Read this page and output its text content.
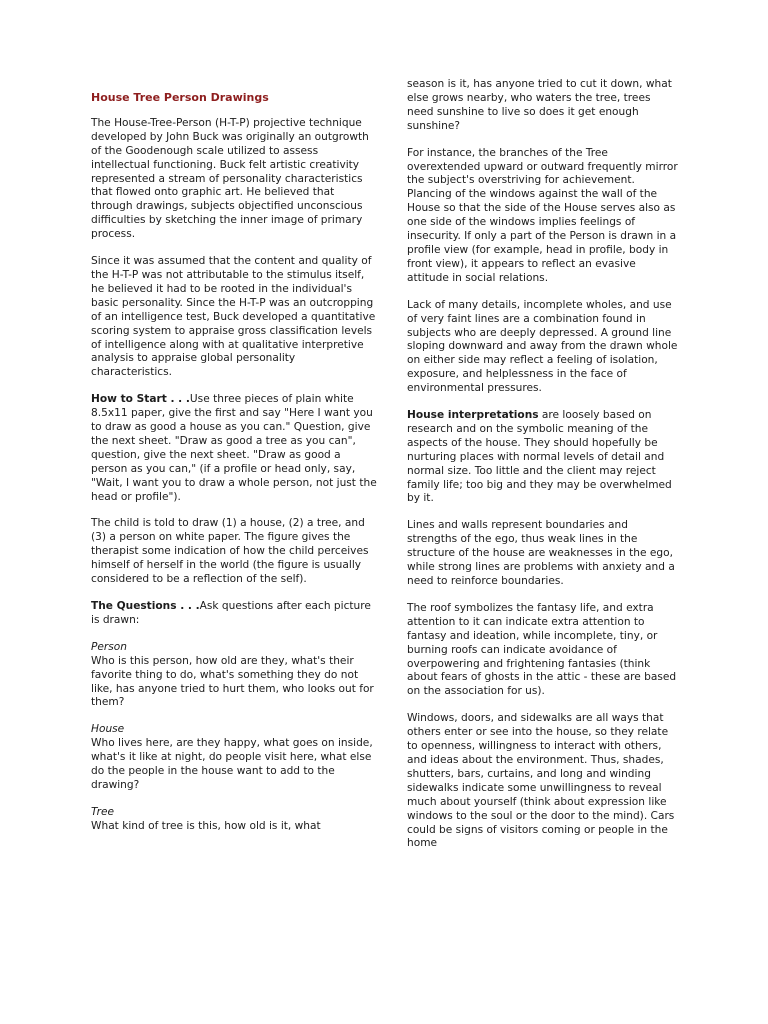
House Tree Person Drawings

The House-Tree-Person (H-T-P) projective technique developed by John Buck was originally an outgrowth of the Goodenough scale utilized to assess intellectual functioning. Buck felt artistic creativity represented a stream of personality characteristics that flowed onto graphic art. He believed that through drawings, subjects objectified unconscious difficulties by sketching the inner image of primary process.

Since it was assumed that the content and quality of the H-T-P was not attributable to the stimulus itself, he believed it had to be rooted in the individual's basic personality. Since the H-T-P was an outcropping of an intelligence test, Buck developed a quantitative scoring system to appraise gross classification levels of intelligence along with at qualitative interpretive analysis to appraise global personality characteristics.

How to Start . . .Use three pieces of plain white 8.5x11 paper, give the first and say "Here I want you to draw as good a house as you can." Question, give the next sheet. "Draw as good a tree as you can", question, give the next sheet. "Draw as good a person as you can," (if a profile or head only, say, "Wait, I want you to draw a whole person, not just the head or profile").

The child is told to draw (1) a house, (2) a tree, and (3) a person on white paper. The figure gives the therapist some indication of how the child perceives himself of herself in the world (the figure is usually considered to be a reflection of the self).

The Questions . . .Ask questions after each picture is drawn:

Person
Who is this person, how old are they, what's their favorite thing to do, what's something they do not like, has anyone tried to hurt them, who looks out for them?
House
Who lives here, are they happy, what goes on inside, what's it like at night, do people visit here, what else do the people in the house want to add to the drawing?
Tree
What kind of tree is this, how old is it, what

season is it, has anyone tried to cut it down, what else grows nearby, who waters the tree, trees need sunshine to live so does it get enough sunshine?

For instance, the branches of the Tree overextended upward or outward frequently mirror the subject's overstriving for achievement. Plancing of the windows against the wall of the House so that the side of the House serves also as one side of the windows implies feelings of insecurity. If only a part of the Person is drawn in a profile view (for example, head in profile, body in front view), it appears to reflect an evasive attitude in social relations.

Lack of many details, incomplete wholes, and use of very faint lines are a combination found in subjects who are deeply depressed. A ground line sloping downward and away from the drawn whole on either side may reflect a feeling of isolation, exposure, and helplessness in the face of environmental pressures.

House interpretations are loosely based on research and on the symbolic meaning of the aspects of the house. They should hopefully be nurturing places with normal levels of detail and normal size. Too little and the client may reject family life; too big and they may be overwhelmed by it.

Lines and walls represent boundaries and strengths of the ego, thus weak lines in the structure of the house are weaknesses in the ego, while strong lines are problems with anxiety and a need to reinforce boundaries.

The roof symbolizes the fantasy life, and extra attention to it can indicate extra attention to fantasy and ideation, while incomplete, tiny, or burning roofs can indicate avoidance of overpowering and frightening fantasies (think about fears of ghosts in the attic - these are based on the association for us).

Windows, doors, and sidewalks are all ways that others enter or see into the house, so they relate to openness, willingness to interact with others, and ideas about the environment. Thus, shades, shutters, bars, curtains, and long and winding sidewalks indicate some unwillingness to reveal much about yourself (think about expression like windows to the soul or the door to the mind). Cars could be signs of visitors coming or people in the home
